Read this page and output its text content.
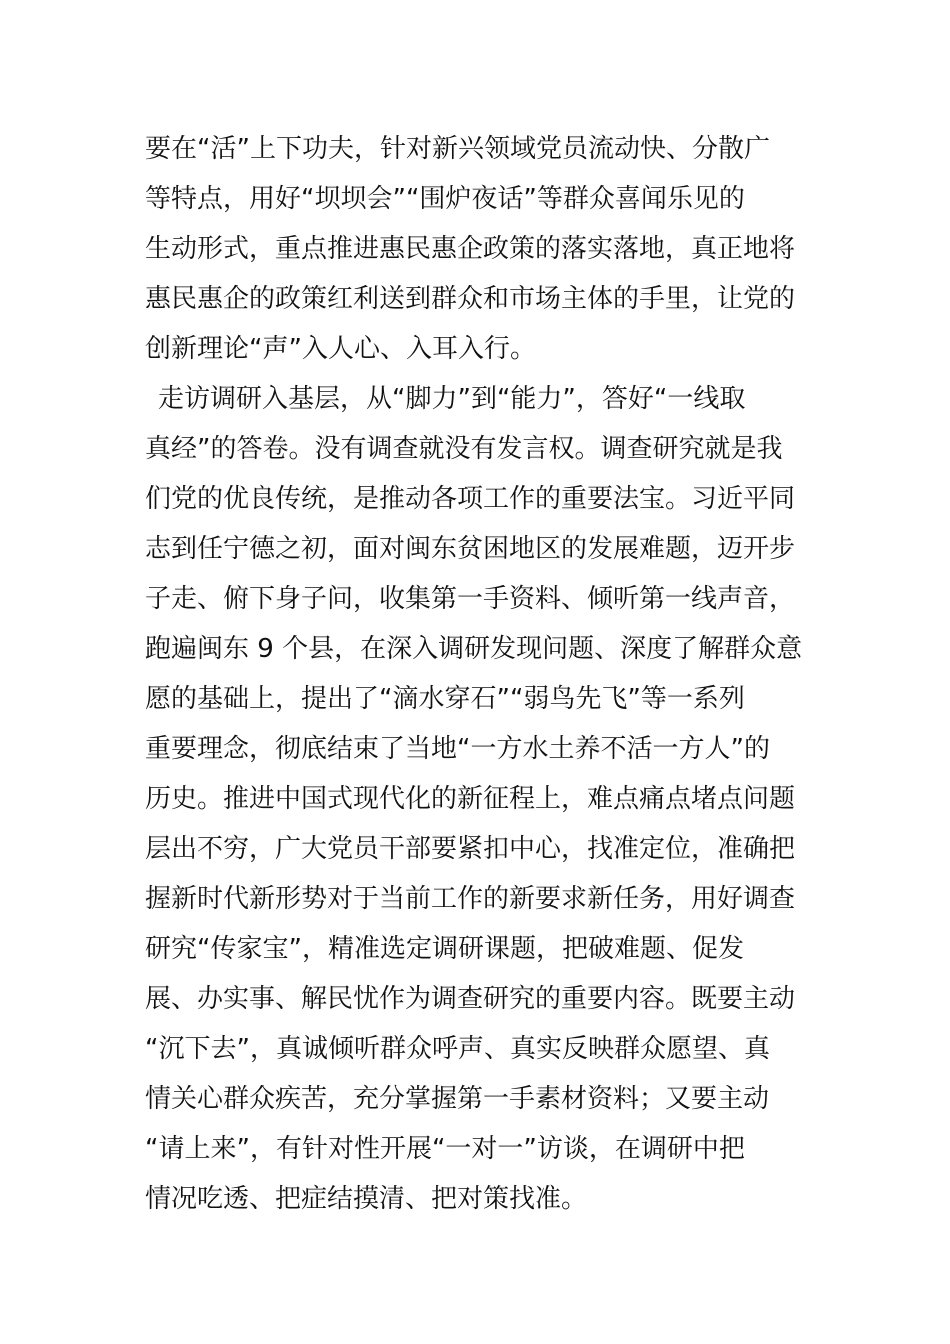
要在“活”上下功夫，针对新兴领域党员流动快、分散广
等特点，用好“坝坝会”“围炉夜话”等群众喜闻乐见的
生动形式，重点推进惠民惠企政策的落实落地，真正地将
惠民惠企的政策红利送到群众和市场主体的手里，让党的
创新理论“声”入人心、入耳入行。
走访调研入基层，从“脚力”到“能力”，答好“一线取
真经”的答卷。没有调查就没有发言权。调查研究就是我
们党的优良传统，是推动各项工作的重要法宝。习近平同
志到任宁德之初，面对闽东贫困地区的发展难题，迈开步
子走、俯下身子问，收集第一手资料、倾听第一线声音，
跑遍闽东 9 个县，在深入调研发现问题、深度了解群众意
愿的基础上，提出了“滴水穿石”“弱鸟先飞”等一系列
重要理念，彻底结束了当地“一方水土养不活一方人”的
历史。推进中国式现代化的新征程上，难点痛点堵点问题
层出不穷，广大党员干部要紧扣中心，找准定位，准确把
握新时代新形势对于当前工作的新要求新任务，用好调查
研究“传家宝”，精准选定调研课题，把破难题、促发
展、办实事、解民忧作为调查研究的重要内容。既要主动
“沉下去”，真诚倾听群众呼声、真实反映群众愿望、真
情关心群众疾苦，充分掌握第一手素材资料；又要主动
“请上来”，有针对性开展“一对一”访谈，在调研中把
情况吃透、把症结摸清、把对策找准。
